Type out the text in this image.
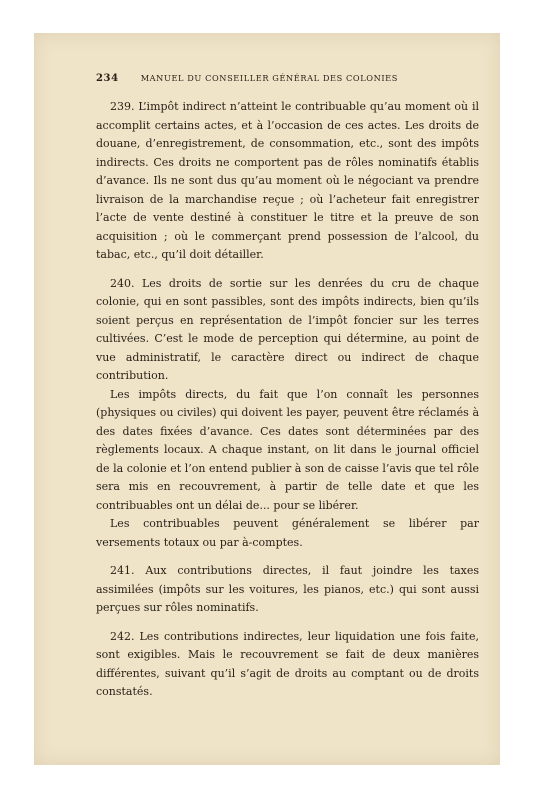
234	MANUEL DU CONSEILLER GÉNÉRAL DES COLONIES

239. L’impôt indirect n’atteint le contribuable qu’au moment où il accomplit certains actes, et à l’occasion de ces actes. Les droits de douane, d’enregistrement, de consommation, etc., sont des impôts indirects. Ces droits ne comportent pas de rôles nominatifs établis d’avance. Ils ne sont dus qu’au moment où le négociant va prendre livraison de la marchandise reçue ; où l’acheteur fait enregistrer l’acte de vente destiné à constituer le titre et la preuve de son acquisition ; où le commerçant prend possession de l’alcool, du tabac, etc., qu’il doit détailler.

240. Les droits de sortie sur les denrées du cru de chaque colonie, qui en sont passibles, sont des impôts indirects, bien qu’ils soient perçus en représentation de l’impôt foncier sur les terres cultivées. C’est le mode de perception qui détermine, au point de vue administratif, le caractère direct ou indirect de chaque contribution.

Les impôts directs, du fait que l’on connaît les personnes (physiques ou civiles) qui doivent les payer, peuvent être réclamés à des dates fixées d’avance. Ces dates sont déterminées par des règlements locaux. A chaque instant, on lit dans le journal officiel de la colonie et l’on entend publier à son de caisse l’avis que tel rôle sera mis en recouvrement, à partir de telle date et que les contribuables ont un délai de... pour se libérer.

Les contribuables peuvent généralement se libérer par versements totaux ou par à-comptes.

241. Aux contributions directes, il faut joindre les taxes assimilées (impôts sur les voitures, les pianos, etc.) qui sont aussi perçues sur rôles nominatifs.

242. Les contributions indirectes, leur liquidation une fois faite, sont exigibles. Mais le recouvrement se fait de deux manières différentes, suivant qu’il s’agit de droits au comptant ou de droits constatés.
